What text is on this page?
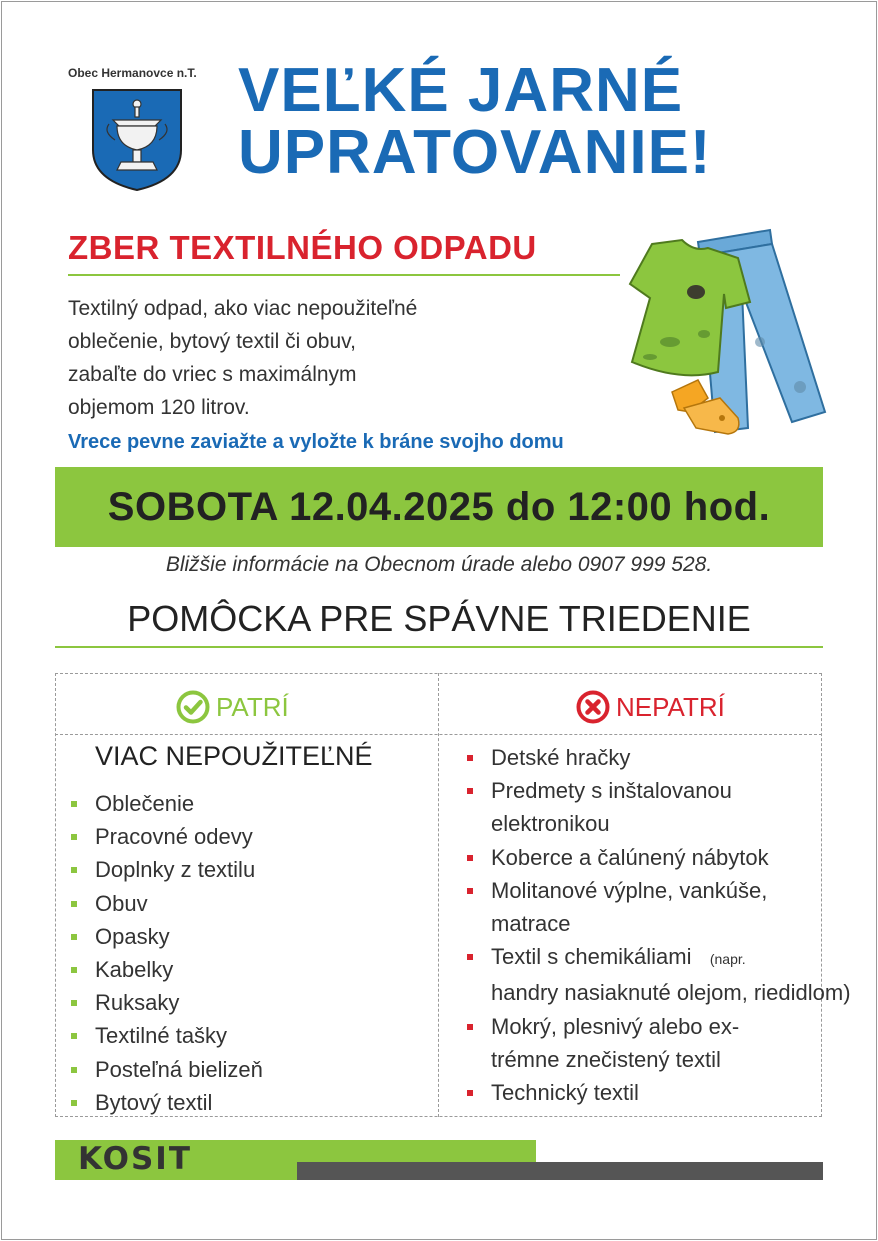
Obec Hermanovce n.T. VEĽKÉ JARNÉ
UPRATOVANIE!
ZBER TEXTILNÉHO ODPADU
Textilný odpad, ako viac nepoužiteľné
oblečenie, bytový textil či obuv,
zabaľte do vriec s maximálnym
objemom 120 litrov.
Vrece pevne zaviažte a vyložte k bráne svojho domu
SOBOTA 12.04.2025 do 12:00 hod.
Bližšie informácie na Obecnom úrade alebo 0907 999 528.
POMÔCKA PRE SPÁVNE TRIEDENIE
PATRÍ	NEPATRÍ
VIAC NEPOUŽITEĽNÉ
Oblečenie
Pracovné odevy
Doplnky z textilu
Obuv
Opasky
Kabelky
Ruksaky
Textilné tašky
Posteľná bielizeň
Bytový textil
Detské hračky
Predmety s inštalovanou
elektronikou
Koberce a čalúnený nábytok
Molitanové výplne, vankúše,
matrace
Textil s chemikáliami (napr.
handry nasiaknuté olejom, riedidlom)
Mokrý, plesnivý alebo ex-
trémne znečistený textil
Technický textil
KOSIT
